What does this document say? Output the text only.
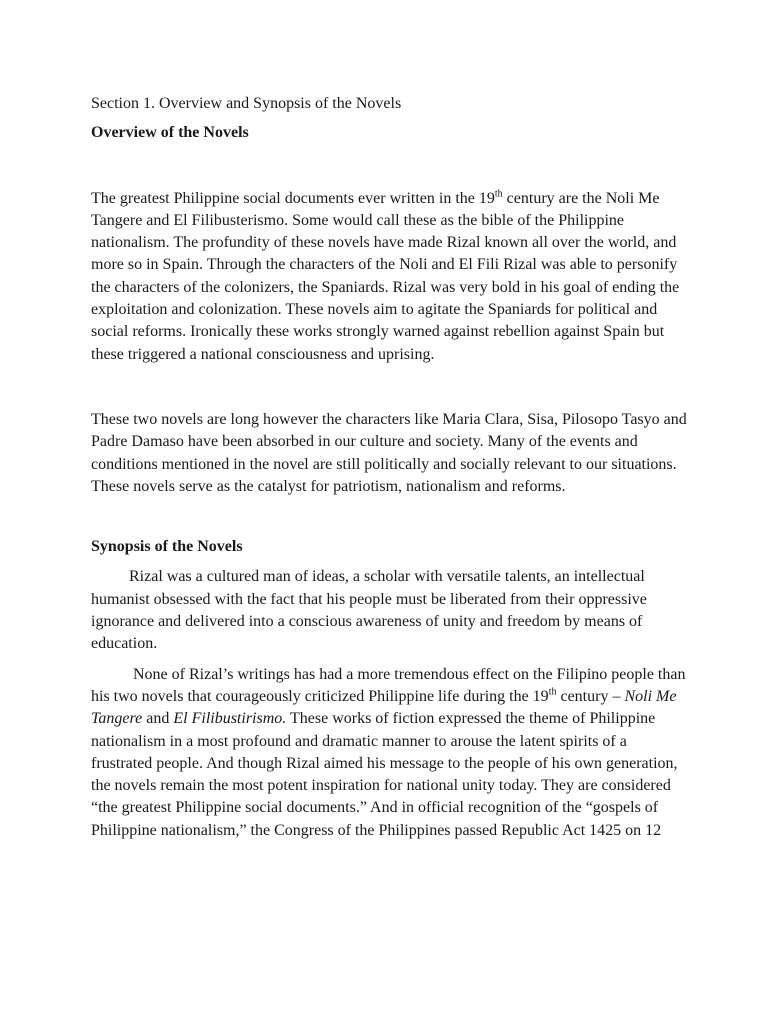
Section 1. Overview and Synopsis of the Novels

Overview of the Novels

The greatest Philippine social documents ever written in the 19th century are the Noli Me Tangere and El Filibusterismo. Some would call these as the bible of the Philippine nationalism. The profundity of these novels have made Rizal known all over the world, and more so in Spain. Through the characters of the Noli and El Fili Rizal was able to personify the characters of the colonizers, the Spaniards. Rizal was very bold in his goal of ending the exploitation and colonization. These novels aim to agitate the Spaniards for political and social reforms. Ironically these works strongly warned against rebellion against Spain but these triggered a national consciousness and uprising.

These two novels are long however the characters like Maria Clara, Sisa, Pilosopo Tasyo and Padre Damaso have been absorbed in our culture and society. Many of the events and conditions mentioned in the novel are still politically and socially relevant to our situations. These novels serve as the catalyst for patriotism, nationalism and reforms.

Synopsis of the Novels

Rizal was a cultured man of ideas, a scholar with versatile talents, an intellectual humanist obsessed with the fact that his people must be liberated from their oppressive ignorance and delivered into a conscious awareness of unity and freedom by means of education.

None of Rizal’s writings has had a more tremendous effect on the Filipino people than his two novels that courageously criticized Philippine life during the 19th century – Noli Me Tangere and El Filibustirismo. These works of fiction expressed the theme of Philippine nationalism in a most profound and dramatic manner to arouse the latent spirits of a frustrated people. And though Rizal aimed his message to the people of his own generation, the novels remain the most potent inspiration for national unity today. They are considered “the greatest Philippine social documents.” And in official recognition of the “gospels of Philippine nationalism,” the Congress of the Philippines passed Republic Act 1425 on 12
